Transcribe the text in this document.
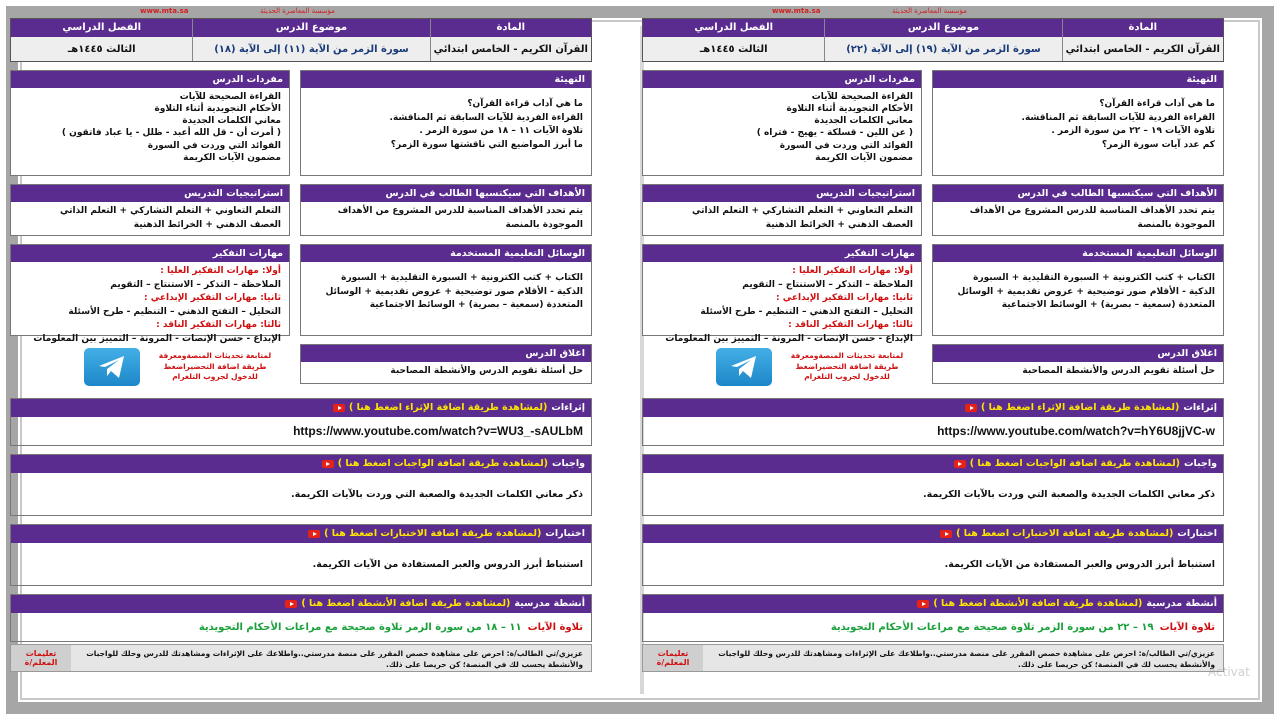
www.mta.sa	مؤسسة المعاصرة الحديثة
المادة
القرآن الكريم - الخامس ابتدائي
موضوع الدرس
سورة الزمر من الآية (١٩) إلى الآية (٢٢)
الفصل الدراسي
الثالث ١٤٤٥هـ
التهيئة
ما هي آداب قراءة القرآن؟
القراءة الفردية للآيات السابقة ثم المناقشة.
تلاوة الآيات ١٩ – ٢٢ من سورة الزمر .
كم عدد آيات سورة الزمر؟
الأهداف التي سيكتسبها الطالب في الدرس
يتم تحدد الأهداف المناسبة للدرس المشروع من الأهداف
الموجودة بالمنصة
الوسائل التعليمية المستخدمة
الكتاب + كتب الكترونية + السبورة التقليدية + السبورة
الذكية - الأقلام صور توضيحية + عروض تقديمية + الوسائل
المتعددة (سمعية – بصرية) + الوسائط الاجتماعية
اغلاق الدرس
حل أسئلة تقويم الدرس والأنشطة المصاحبة
مفردات الدرس
القراءة الصحيحة للآيات
الأحكام التجويدية أثناء التلاوة
معاني الكلمات الجديدة
( عن اللين - قسلكة - يهيج - فتراه )
الفوائد التي وردت في السورة
مضمون الآيات الكريمة
استراتيجيات التدريس
التعلم التعاوني + التعلم التشاركي + التعلم الذاتي
العصف الذهني + الخرائط الذهنية
مهارات التفكير
أولا: مهارات التفكير العليا :
الملاحظة – التذكر – الاستنتاج – التقويم
ثانيا: مهارات التفكير الإبداعي :
التحليل – التفتح الذهني – التنظيم - طرح الأسئلة
ثالثا: مهارات التفكير الناقد :
الإبداع - حسن الإنصات - المرونة – التمييز بين المعلومات
لمتابعة تحديثات المنصةومعرفة طريقة اضافة التحضيراضغط للدخول لجروب التلغرام
إثراءات
(لمشاهدة طريقة اضافة الإثراء اضغط هنا )
https://www.youtube.com/watch?v=hY6U8jjVC-w
واجبات
(لمشاهدة طريقة اضافة الواجبات اضغط هنا )
ذكر معاني الكلمات الجديدة والصعبة التي وردت بالآيات الكريمة.
اختبارات
(لمشاهدة طريقة اضافة الاختبارات اضغط هنا )
استنباط أبرز الدروس والعبر المستفادة من الآيات الكريمة.
أنشطة مدرسية
(لمشاهدة طريقة اضافة الأنشطة اضغط هنا )
تلاوة الآيات
١٩ – ٢٢ من سورة الزمر تلاوة صحيحة مع مراعات الأحكام التجويدية
عزيزي/تي الطالب/ة: احرص على مشاهدة حصص المقرر على منصة مدرستي..واطلاعك على الإثراءات ومشاهدتك للدرس وحلك للواجبات والأنشطة يحسب لك في المنصة؛ كن حريصا على ذلك.
تعليمات المعلم/ة
www.mta.sa	مؤسسة المعاصرة الحديثة
المادة
القرآن الكريم - الخامس ابتدائي
موضوع الدرس
سورة الزمر من الآية (١١) إلى الآية (١٨)
الفصل الدراسي
الثالث ١٤٤٥هـ
التهيئة
ما هي آداب قراءة القرآن؟
القراءة الفردية للآيات السابقة ثم المناقشة.
تلاوة الآيات ١١ – ١٨ من سورة الزمر .
ما أبرز المواضيع التي ناقشتها سورة الزمر؟
الأهداف التي سيكتسبها الطالب في الدرس
يتم تحدد الأهداف المناسبة للدرس المشروع من الأهداف
الموجودة بالمنصة
الوسائل التعليمية المستخدمة
الكتاب + كتب الكترونية + السبورة التقليدية + السبورة
الذكية - الأقلام صور توضيحية + عروض تقديمية + الوسائل
المتعددة (سمعية – بصرية) + الوسائط الاجتماعية
اغلاق الدرس
حل أسئلة تقويم الدرس والأنشطة المصاحبة
مفردات الدرس
القراءة الصحيحة للآيات
الأحكام التجويدية أثناء التلاوة
معاني الكلمات الجديدة
( أمرت أن - قل الله أعبد - ظلل - يا عباد فاتقون )
الفوائد التي وردت في السورة
مضمون الآيات الكريمة
استراتيجيات التدريس
التعلم التعاوني + التعلم التشاركي + التعلم الذاتي
العصف الذهني + الخرائط الذهنية
مهارات التفكير
أولا: مهارات التفكير العليا :
الملاحظة – التذكر – الاستنتاج – التقويم
ثانيا: مهارات التفكير الإبداعي :
التحليل – التفتح الذهني – التنظيم - طرح الأسئلة
ثالثا: مهارات التفكير الناقد :
الإبداع - حسن الإنصات - المرونة – التمييز بين المعلومات
لمتابعة تحديثات المنصةومعرفة طريقة اضافة التحضيراضغط للدخول لجروب التلغرام
إثراءات
(لمشاهدة طريقة اضافة الإثراء اضغط هنا )
https://www.youtube.com/watch?v=WU3_-sAULbM
واجبات
(لمشاهدة طريقة اضافة الواجبات اضغط هنا )
ذكر معاني الكلمات الجديدة والصعبة التي وردت بالآيات الكريمة.
اختبارات
(لمشاهدة طريقة اضافة الاختبارات اضغط هنا )
استنباط أبرز الدروس والعبر المستفادة من الآيات الكريمة.
أنشطة مدرسية
(لمشاهدة طريقة اضافة الأنشطة اضغط هنا )
تلاوة الآيات
١١ – ١٨ من سورة الزمر تلاوة صحيحة مع مراعات الأحكام التجويدية
عزيزي/تي الطالب/ة: احرص على مشاهدة حصص المقرر على منصة مدرستي..واطلاعك على الإثراءات ومشاهدتك للدرس وحلك للواجبات والأنشطة يحسب لك في المنصة؛ كن حريصا على ذلك.
تعليمات المعلم/ة
Activat
